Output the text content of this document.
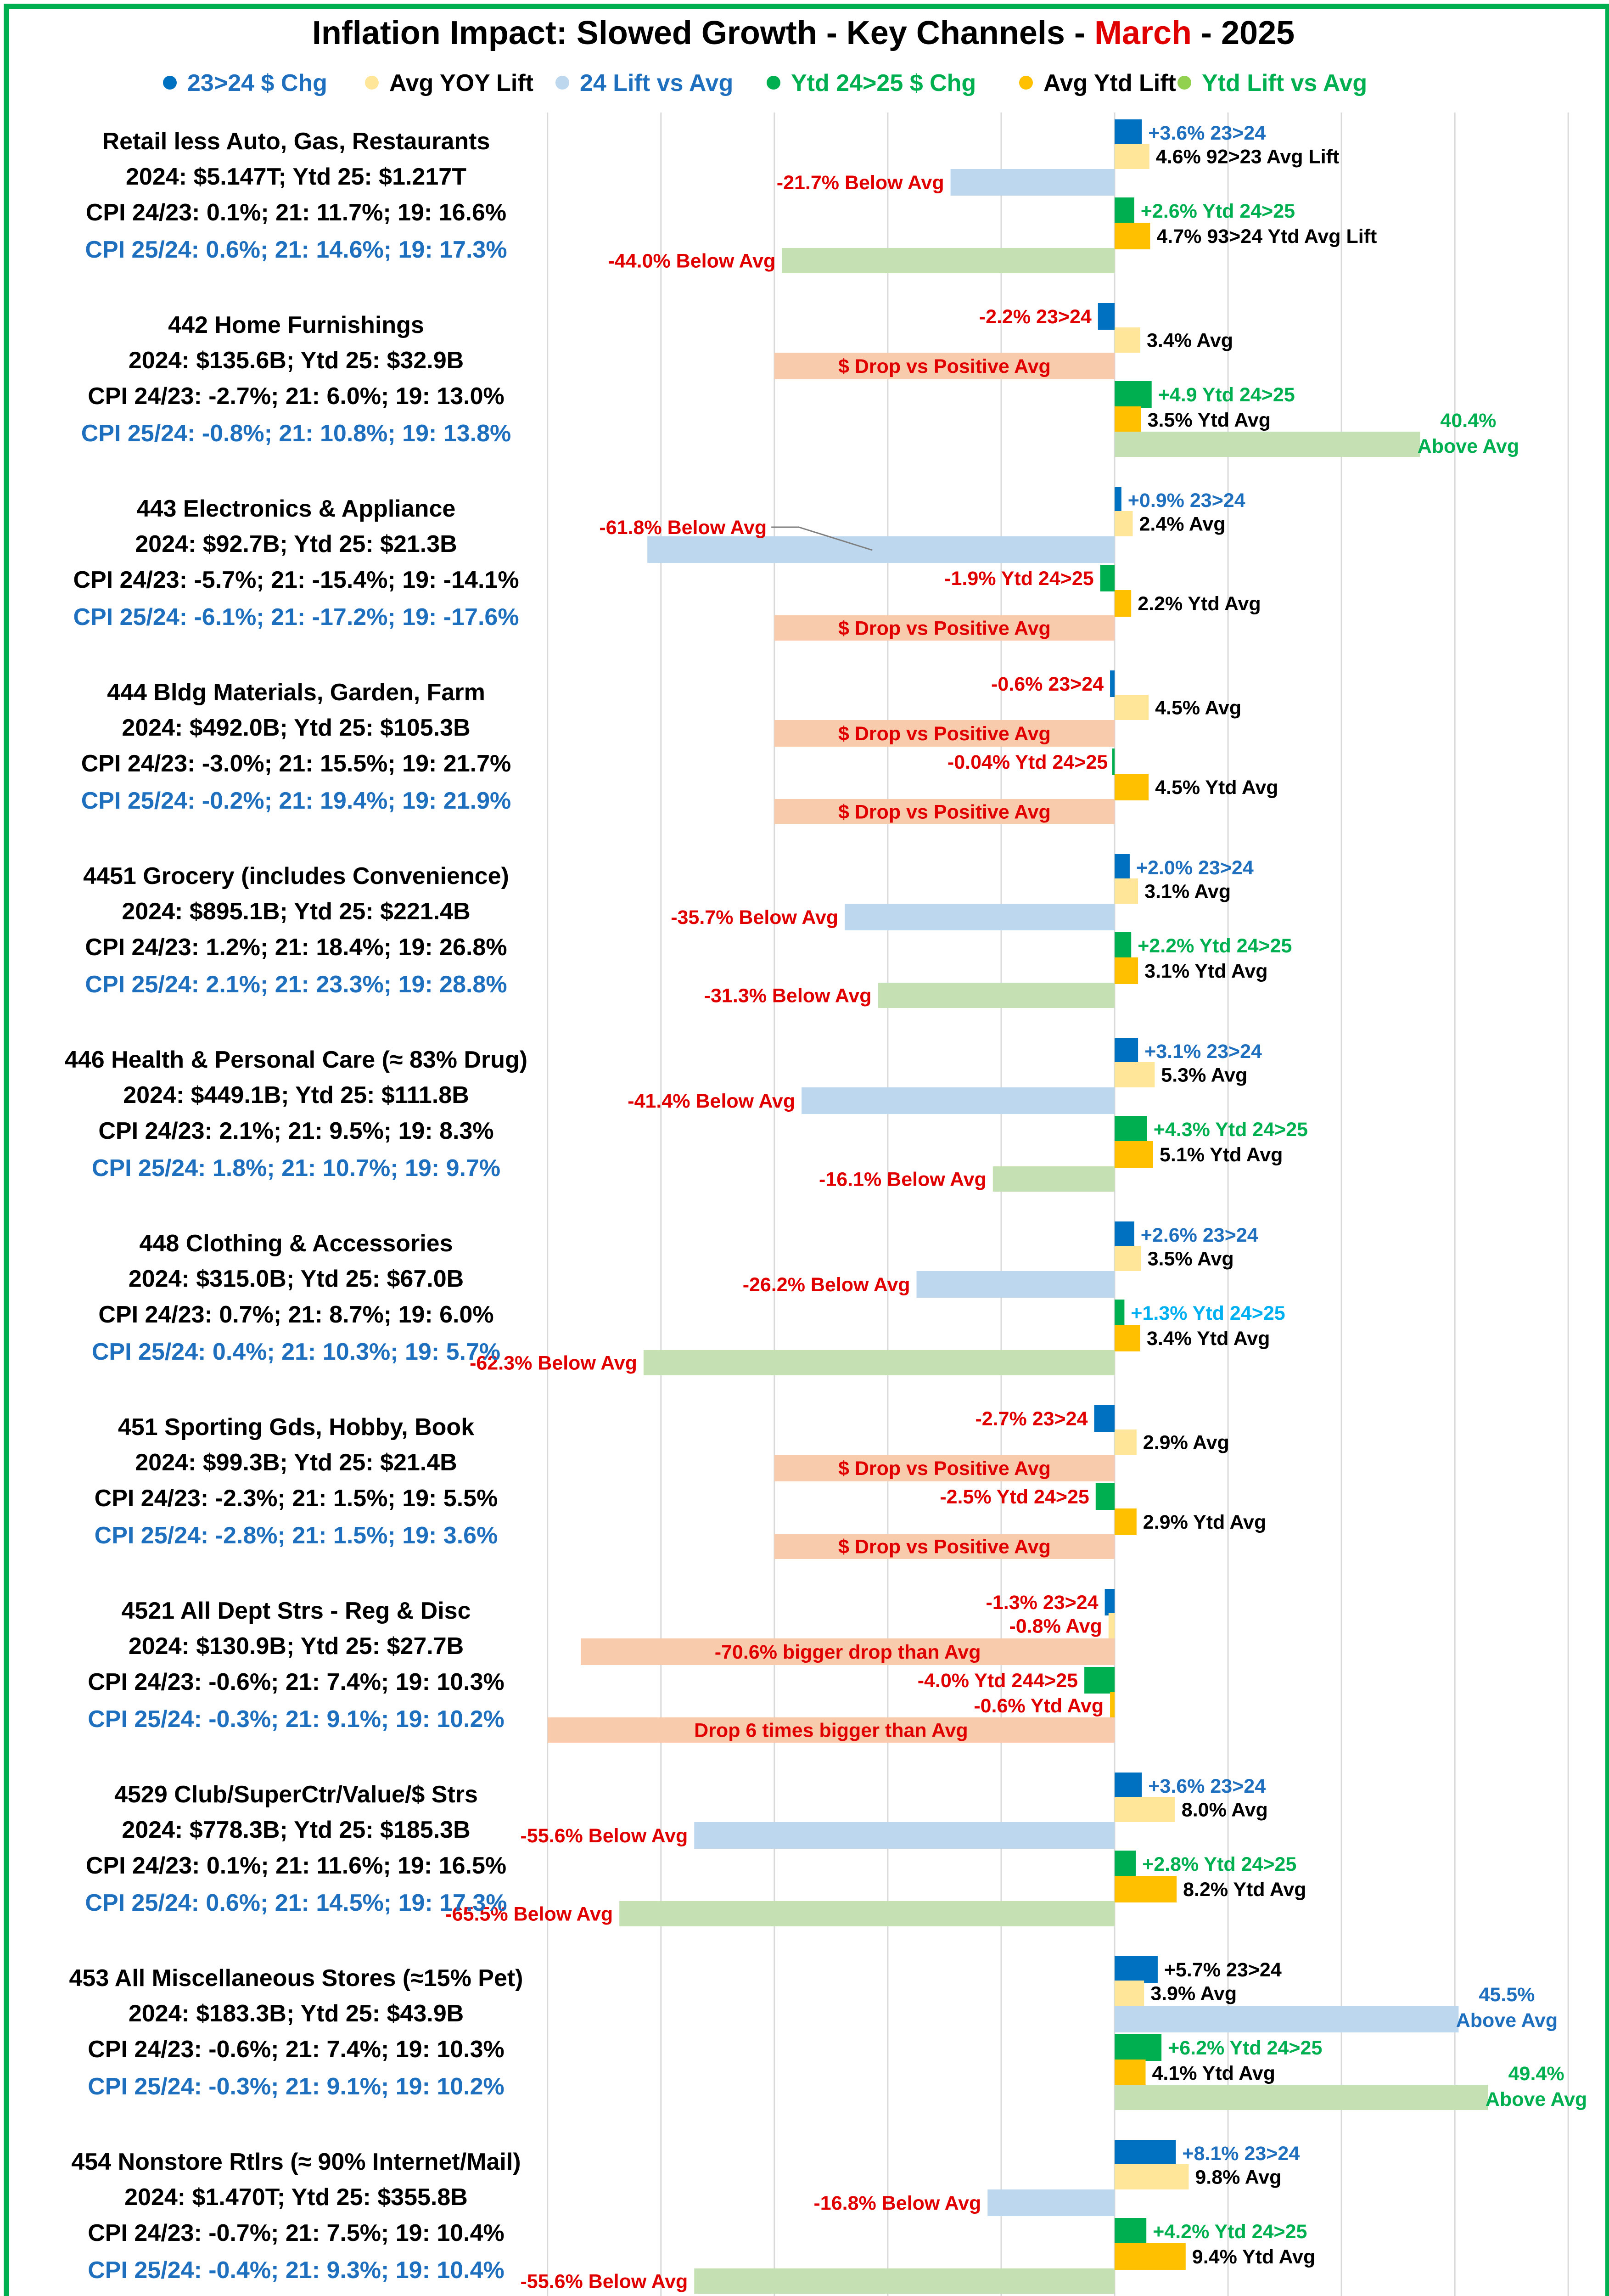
Inflation Impact: Slowed Growth - Key Channels - March - 2025
+3.6% 23>24
4.6% 92>23 Avg Lift
-21.7% Below Avg
+2.6% Ytd 24>25
4.7% 93>24 Ytd Avg Lift
-44.0% Below Avg
-2.2% 23>24
3.4% Avg
$ Drop vs Positive Avg
+4.9 Ytd 24>25
3.5% Ytd Avg	40.4%
Above Avg
+0.9% 23>24
2.4% Avg
-61.8% Below Avg
-1.9% Ytd 24>25
2.2% Ytd Avg
$ Drop vs Positive Avg
-0.6% 23>24
4.5% Avg
$ Drop vs Positive Avg
-0.04% Ytd 24>25
4.5% Ytd Avg
$ Drop vs Positive Avg
+2.0% 23>24
3.1% Avg
-35.7% Below Avg
+2.2% Ytd 24>25
3.1% Ytd Avg
-31.3% Below Avg
+3.1% 23>24
5.3% Avg
-41.4% Below Avg
+4.3% Ytd 24>25
5.1% Ytd Avg
-16.1% Below Avg
+2.6% 23>24
3.5% Avg
-26.2% Below Avg
+1.3% Ytd 24>25
3.4% Ytd Avg
-62.3% Below Avg
-2.7% 23>24
2.9% Avg
$ Drop vs Positive Avg
-2.5% Ytd 24>25
2.9% Ytd Avg
$ Drop vs Positive Avg
-1.3% 23>24
-0.8% Avg
-70.6% bigger drop than Avg
-4.0% Ytd 244>25
-0.6% Ytd Avg
Drop 6 times bigger than Avg
+3.6% 23>24
8.0% Avg
-55.6% Below Avg
+2.8% Ytd 24>25
8.2% Ytd Avg
-65.5% Below Avg
+5.7% 23>24
3.9% Avg	45.5%
Above Avg
+6.2% Ytd 24>25
4.1% Ytd Avg	49.4%
Above Avg
+8.1% 23>24
9.8% Avg
-16.8% Below Avg
+4.2% Ytd 24>25
9.4% Ytd Avg
-55.6% Below Avg
Retail less Auto, Gas, Restaurants
2024: $5.147T; Ytd 25: $1.217T
CPI 24/23: 0.1%; 21: 11.7%; 19: 16.6%
CPI 25/24: 0.6%; 21: 14.6%; 19: 17.3%
442 Home Furnishings
2024: $135.6B; Ytd 25: $32.9B
CPI 24/23: -2.7%; 21: 6.0%; 19: 13.0%
CPI 25/24: -0.8%; 21: 10.8%; 19: 13.8%
443 Electronics & Appliance
2024: $92.7B; Ytd 25: $21.3B
CPI 24/23: -5.7%; 21: -15.4%; 19: -14.1%
CPI 25/24: -6.1%; 21: -17.2%; 19: -17.6%
444 Bldg Materials, Garden, Farm
2024: $492.0B; Ytd 25: $105.3B
CPI 24/23: -3.0%; 21: 15.5%; 19: 21.7%
CPI 25/24: -0.2%; 21: 19.4%; 19: 21.9%
4451 Grocery (includes Convenience)
2024: $895.1B; Ytd 25: $221.4B
CPI 24/23: 1.2%; 21: 18.4%; 19: 26.8%
CPI 25/24: 2.1%; 21: 23.3%; 19: 28.8%
446 Health & Personal Care (≈ 83% Drug)
2024: $449.1B; Ytd 25: $111.8B
CPI 24/23: 2.1%; 21: 9.5%; 19: 8.3%
CPI 25/24: 1.8%; 21: 10.7%; 19: 9.7%
448 Clothing & Accessories
2024: $315.0B; Ytd 25: $67.0B
CPI 24/23: 0.7%; 21: 8.7%; 19: 6.0%
CPI 25/24: 0.4%; 21: 10.3%; 19: 5.7%
451 Sporting Gds, Hobby, Book
2024: $99.3B; Ytd 25: $21.4B
CPI 24/23: -2.3%; 21: 1.5%; 19: 5.5%
CPI 25/24: -2.8%; 21: 1.5%; 19: 3.6%
4521 All Dept Strs - Reg & Disc
2024: $130.9B; Ytd 25: $27.7B
CPI 24/23: -0.6%; 21: 7.4%; 19: 10.3%
CPI 25/24: -0.3%; 21: 9.1%; 19: 10.2%
4529 Club/SuperCtr/Value/$ Strs
2024: $778.3B; Ytd 25: $185.3B
CPI 24/23: 0.1%; 21: 11.6%; 19: 16.5%
CPI 25/24: 0.6%; 21: 14.5%; 19: 17.3%
453 All Miscellaneous Stores (≈15% Pet)
2024: $183.3B; Ytd 25: $43.9B
CPI 24/23: -0.6%; 21: 7.4%; 19: 10.3%
CPI 25/24: -0.3%; 21: 9.1%; 19: 10.2%
454 Nonstore Rtlrs (≈ 90% Internet/Mail)
2024: $1.470T; Ytd 25: $355.8B
CPI 24/23: -0.7%; 21: 7.5%; 19: 10.4%
CPI 25/24: -0.4%; 21: 9.3%; 19: 10.4%
23>24 $ Chg	Avg YOY Lift 24 Lift vs Avg Ytd 24>25 $ Chg	Avg Ytd Lift Ytd Lift vs Avg
